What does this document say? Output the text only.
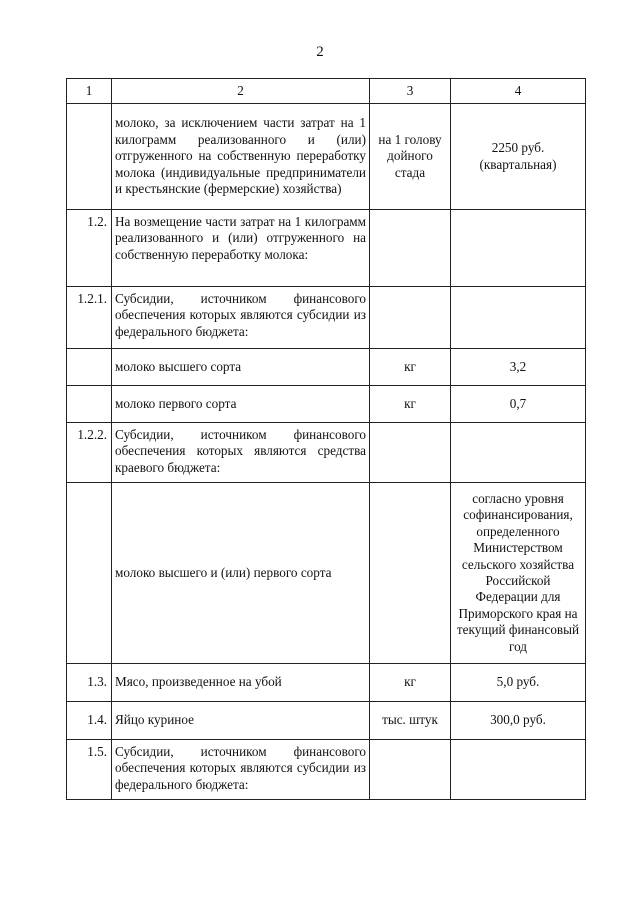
2
1	2	3	4
	молоко, за исключением части затрат на 1 килограмм реализованного и (или) отгруженного на собственную переработку молока (индивидуальные предприниматели и крестьянские (фермерские) хозяйства)	на 1 голову дойного стада	2250 руб. (квартальная)
1.2.	На возмещение части затрат на 1 килограмм реализованного и (или) отгруженного на собственную переработку молока:		
1.2.1.	Субсидии, источником финансового обеспечения которых являются субсидии из федерального бюджета:		
	молоко высшего сорта	кг	3,2
	молоко первого сорта	кг	0,7
1.2.2.	Субсидии, источником финансового обеспечения которых являются средства краевого бюджета:		
	молоко высшего и (или) первого сорта		согласно уровня софинансирования, определенного Министерством сельского хозяйства Российской Федерации для Приморского края на текущий финансовый год
1.3.	Мясо, произведенное на убой	кг	5,0 руб.
1.4.	Яйцо куриное	тыс. штук	300,0 руб.
1.5.	Субсидии, источником финансового обеспечения которых являются субсидии из федерального бюджета:		
